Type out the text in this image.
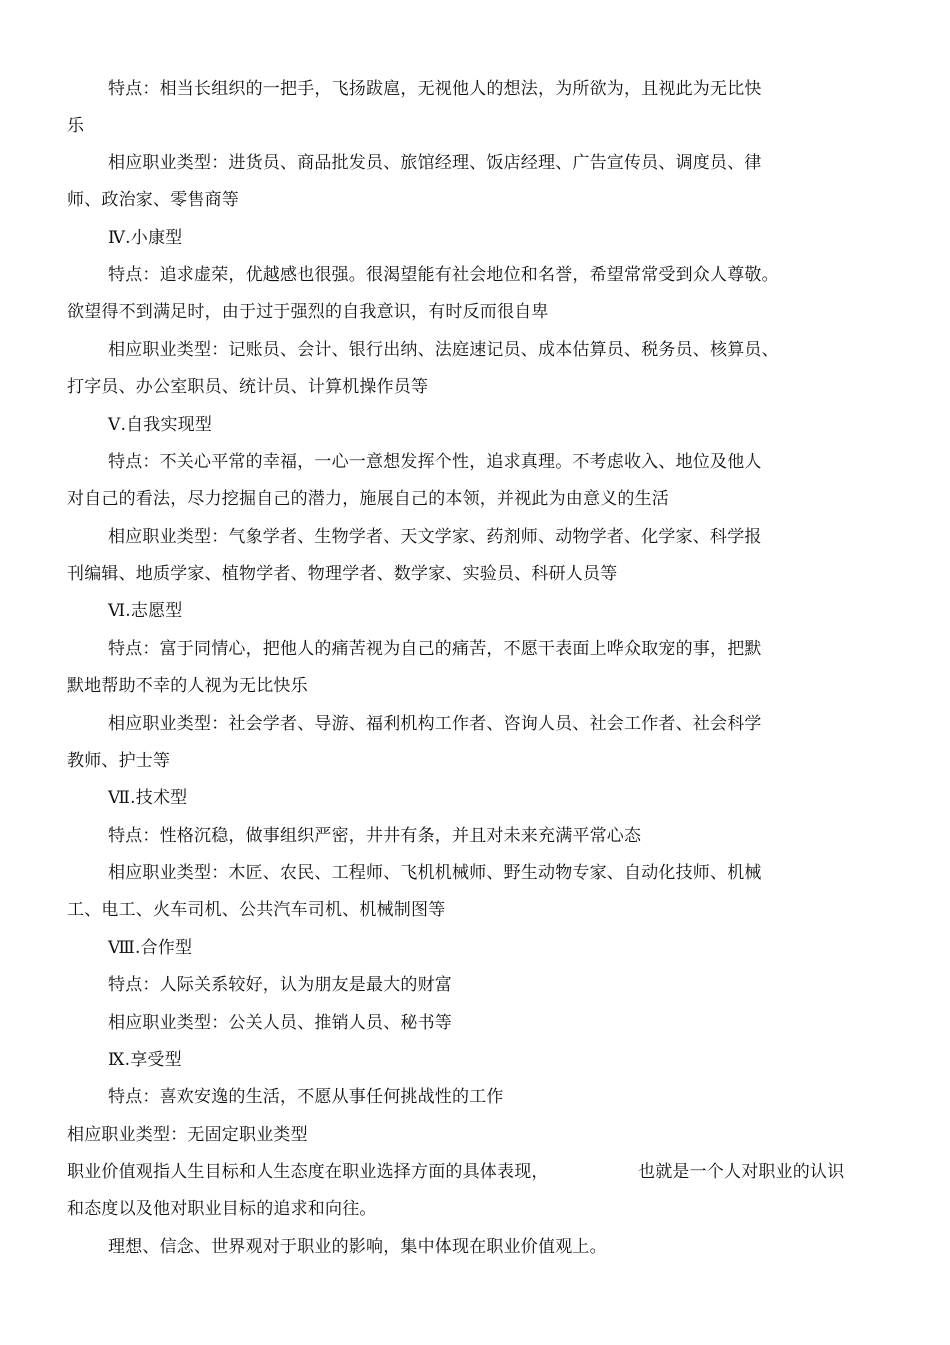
特点：相当长组织的一把手，飞扬跋扈，无视他人的想法，为所欲为，且视此为无比快
乐
相应职业类型：进货员、商品批发员、旅馆经理、饭店经理、广告宣传员、调度员、律
师、政治家、零售商等
Ⅳ.小康型
特点：追求虚荣，优越感也很强。很渴望能有社会地位和名誉，希望常常受到众人尊敬。
欲望得不到满足时，由于过于强烈的自我意识，有时反而很自卑
相应职业类型：记账员、会计、银行出纳、法庭速记员、成本估算员、税务员、核算员、
打字员、办公室职员、统计员、计算机操作员等
Ⅴ.自我实现型
特点：不关心平常的幸福，一心一意想发挥个性，追求真理。不考虑收入、地位及他人
对自己的看法，尽力挖掘自己的潜力，施展自己的本领，并视此为由意义的生活
相应职业类型：气象学者、生物学者、天文学家、药剂师、动物学者、化学家、科学报
刊编辑、地质学家、植物学者、物理学者、数学家、实验员、科研人员等
Ⅵ.志愿型
特点：富于同情心，把他人的痛苦视为自己的痛苦，不愿干表面上哗众取宠的事，把默
默地帮助不幸的人视为无比快乐
相应职业类型：社会学者、导游、福利机构工作者、咨询人员、社会工作者、社会科学
教师、护士等
Ⅶ.技术型
特点：性格沉稳，做事组织严密，井井有条，并且对未来充满平常心态
相应职业类型：木匠、农民、工程师、飞机机械师、野生动物专家、自动化技师、机械
工、电工、火车司机、公共汽车司机、机械制图等
Ⅷ.合作型
特点：人际关系较好，认为朋友是最大的财富
相应职业类型：公关人员、推销人员、秘书等
Ⅸ.享受型
特点：喜欢安逸的生活，不愿从事任何挑战性的工作
相应职业类型：无固定职业类型
职业价值观指人生目标和人生态度在职业选择方面的具体表现，	也就是一个人对职业的认识
和态度以及他对职业目标的追求和向往。
理想、信念、世界观对于职业的影响，集中体现在职业价值观上。
